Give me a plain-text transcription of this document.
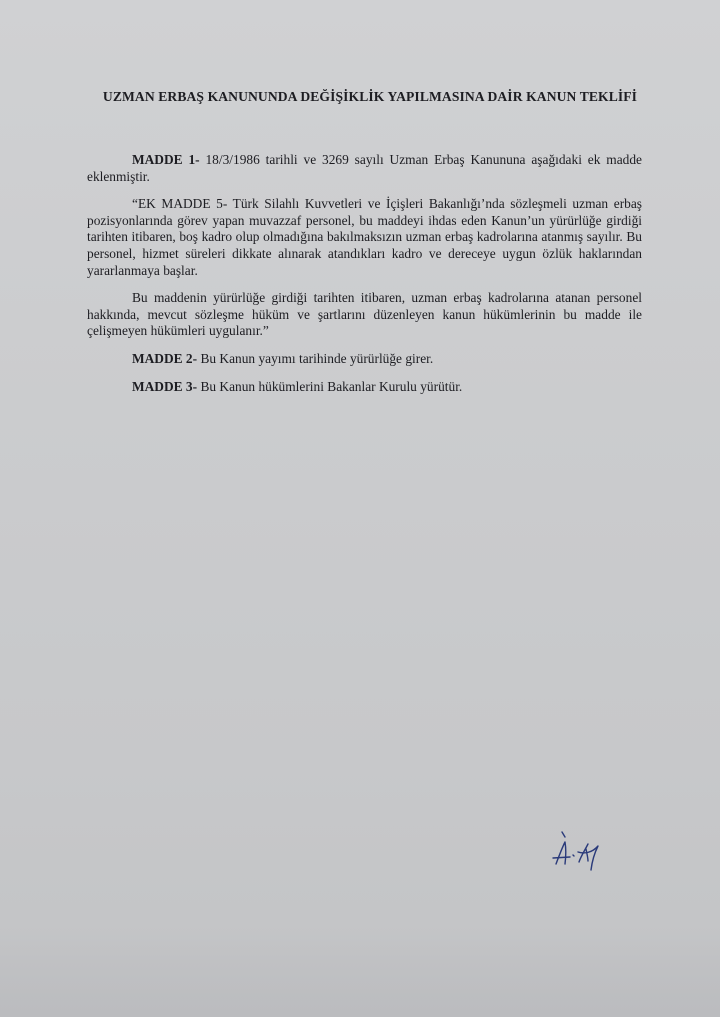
UZMAN ERBAŞ KANUNUNDA DEĞİŞİKLİK YAPILMASINA DAİR KANUN TEKLİFİ

MADDE 1- 18/3/1986 tarihli ve 3269 sayılı Uzman Erbaş Kanununa aşağıdaki ek madde eklenmiştir.

“EK MADDE 5- Türk Silahlı Kuvvetleri ve İçişleri Bakanlığı’nda sözleşmeli uzman erbaş pozisyonlarında görev yapan muvazzaf personel, bu maddeyi ihdas eden Kanun’un yürürlüğe girdiği tarihten itibaren, boş kadro olup olmadığına bakılmaksızın uzman erbaş kadrolarına atanmış sayılır. Bu personel, hizmet süreleri dikkate alınarak atandıkları kadro ve dereceye uygun özlük haklarından yararlanmaya başlar.

Bu maddenin yürürlüğe girdiği tarihten itibaren, uzman erbaş kadrolarına atanan personel hakkında, mevcut sözleşme hüküm ve şartlarını düzenleyen kanun hükümlerinin bu madde ile çelişmeyen hükümleri uygulanır.”

MADDE 2- Bu Kanun yayımı tarihinde yürürlüğe girer.

MADDE 3- Bu Kanun hükümlerini Bakanlar Kurulu yürütür.
